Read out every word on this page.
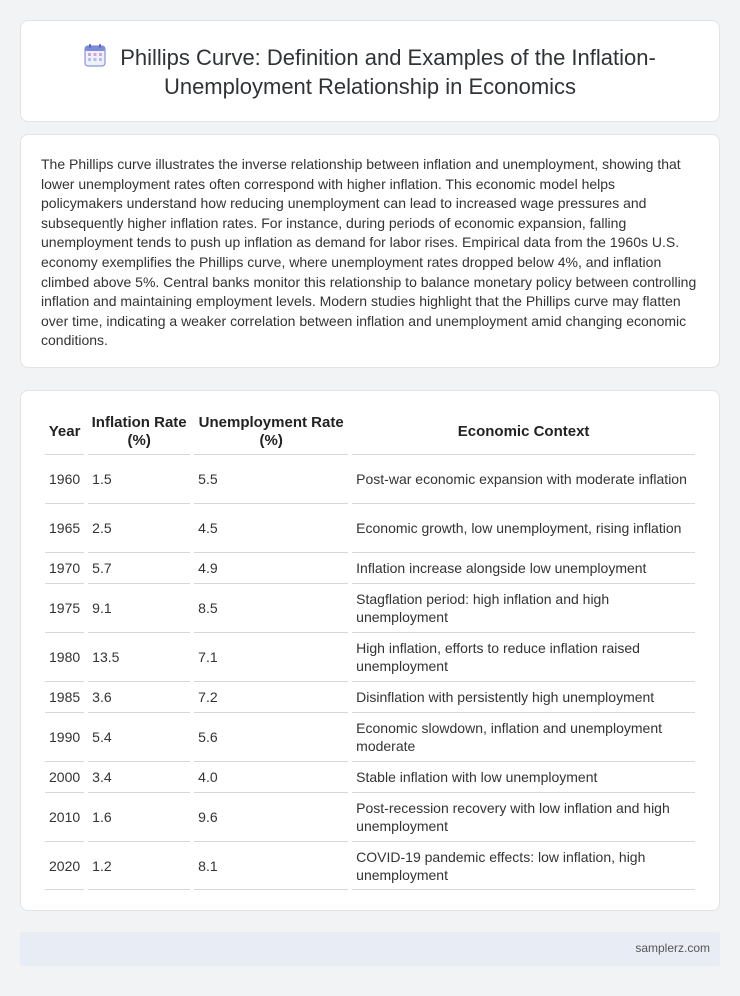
Phillips Curve: Definition and Examples of the Inflation-Unemployment Relationship in Economics

The Phillips curve illustrates the inverse relationship between inflation and unemployment, showing that lower unemployment rates often correspond with higher inflation. This economic model helps policymakers understand how reducing unemployment can lead to increased wage pressures and subsequently higher inflation rates. For instance, during periods of economic expansion, falling unemployment tends to push up inflation as demand for labor rises. Empirical data from the 1960s U.S. economy exemplifies the Phillips curve, where unemployment rates dropped below 4%, and inflation climbed above 5%. Central banks monitor this relationship to balance monetary policy between controlling inflation and maintaining employment levels. Modern studies highlight that the Phillips curve may flatten over time, indicating a weaker correlation between inflation and unemployment amid changing economic conditions.

Year	Inflation Rate (%)	Unemployment Rate (%)	Economic Context
1960	1.5	5.5	Post-war economic expansion with moderate inflation
1965	2.5	4.5	Economic growth, low unemployment, rising inflation
1970	5.7	4.9	Inflation increase alongside low unemployment
1975	9.1	8.5	Stagflation period: high inflation and high unemployment
1980	13.5	7.1	High inflation, efforts to reduce inflation raised unemployment
1985	3.6	7.2	Disinflation with persistently high unemployment
1990	5.4	5.6	Economic slowdown, inflation and unemployment moderate
2000	3.4	4.0	Stable inflation with low unemployment
2010	1.6	9.6	Post-recession recovery with low inflation and high unemployment
2020	1.2	8.1	COVID-19 pandemic effects: low inflation, high unemployment
samplerz.com
